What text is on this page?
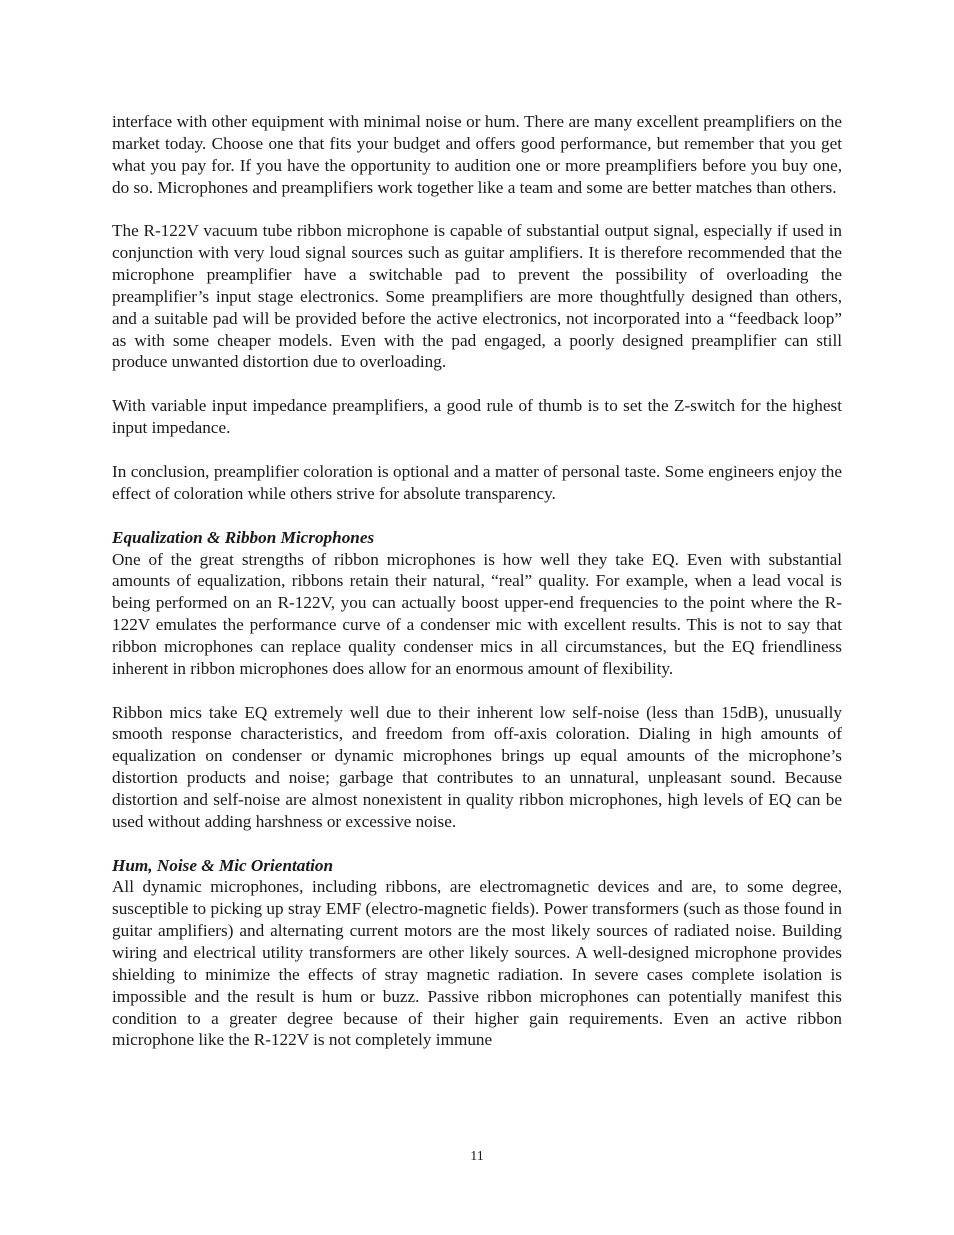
interface with other equipment with minimal noise or hum. There are many excellent preamplifiers on the market today. Choose one that fits your budget and offers good performance, but remember that you get what you pay for. If you have the opportunity to audition one or more preamplifiers before you buy one, do so. Microphones and preamplifiers work together like a team and some are better matches than others.

The R-122V vacuum tube ribbon microphone is capable of substantial output signal, especially if used in conjunction with very loud signal sources such as guitar amplifiers. It is therefore recommended that the microphone preamplifier have a switchable pad to prevent the possibility of overloading the preamplifier’s input stage electronics. Some preamplifiers are more thoughtfully designed than others, and a suitable pad will be provided before the active electronics, not incorporated into a “feedback loop” as with some cheaper models. Even with the pad engaged, a poorly designed preamplifier can still produce unwanted distortion due to overloading.

With variable input impedance preamplifiers, a good rule of thumb is to set the Z-switch for the highest input impedance.

In conclusion, preamplifier coloration is optional and a matter of personal taste. Some engineers enjoy the effect of coloration while others strive for absolute transparency.

Equalization & Ribbon Microphones

One of the great strengths of ribbon microphones is how well they take EQ. Even with substantial amounts of equalization, ribbons retain their natural, “real” quality. For example, when a lead vocal is being performed on an R-122V, you can actually boost upper-end frequencies to the point where the R-122V emulates the performance curve of a condenser mic with excellent results. This is not to say that ribbon microphones can replace quality condenser mics in all circumstances, but the EQ friendliness inherent in ribbon microphones does allow for an enormous amount of flexibility.

Ribbon mics take EQ extremely well due to their inherent low self-noise (less than 15dB), unusually smooth response characteristics, and freedom from off-axis coloration. Dialing in high amounts of equalization on condenser or dynamic microphones brings up equal amounts of the microphone’s distortion products and noise; garbage that contributes to an unnatural, unpleasant sound. Because distortion and self-noise are almost nonexistent in quality ribbon microphones, high levels of EQ can be used without adding harshness or excessive noise.

Hum, Noise & Mic Orientation

All dynamic microphones, including ribbons, are electromagnetic devices and are, to some degree, susceptible to picking up stray EMF (electro-magnetic fields). Power transformers (such as those found in guitar amplifiers) and alternating current motors are the most likely sources of radiated noise. Building wiring and electrical utility transformers are other likely sources. A well-designed microphone provides shielding to minimize the effects of stray magnetic radiation. In severe cases complete isolation is impossible and the result is hum or buzz. Passive ribbon microphones can potentially manifest this condition to a greater degree because of their higher gain requirements. Even an active ribbon microphone like the R-122V is not completely immune

11
